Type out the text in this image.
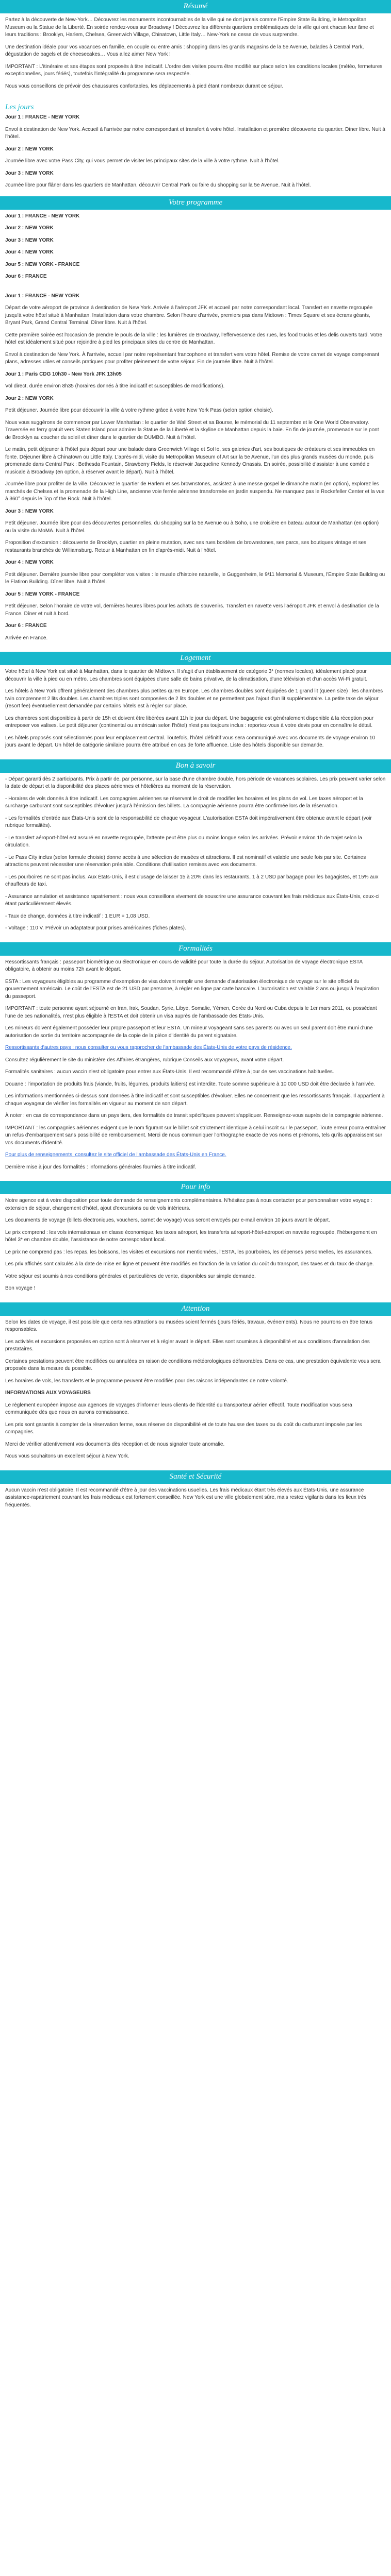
Résumé

Partez à la découverte de New-York… Découvrez les monuments incontournables de la ville qui ne dort jamais comme l'Empire State Building, le Metropolitan Museum ou la Statue de la Liberté. En soirée rendez-vous sur Broadway ! Découvrez les différents quartiers emblématiques de la ville qui ont chacun leur âme et leurs traditions : Brooklyn, Harlem, Chelsea, Greenwich Village, Chinatown, Little Italy… New-York ne cesse de vous surprendre.

Une destination idéale pour vos vacances en famille, en couple ou entre amis : shopping dans les grands magasins de la 5e Avenue, balades à Central Park, dégustation de bagels et de cheesecakes… Vous allez aimer New York !

IMPORTANT : L'itinéraire et ses étapes sont proposés à titre indicatif. L'ordre des visites pourra être modifié sur place selon les conditions locales (météo, fermetures exceptionnelles, jours fériés), toutefois l'intégralité du programme sera respectée.

Nous vous conseillons de prévoir des chaussures confortables, les déplacements à pied étant nombreux durant ce séjour.

Les jours

Jour 1 : FRANCE - NEW YORK

Envol à destination de New York. Accueil à l'arrivée par notre correspondant et transfert à votre hôtel. Installation et première découverte du quartier. Dîner libre. Nuit à l'hôtel.

Jour 2 : NEW YORK

Journée libre avec votre Pass City, qui vous permet de visiter les principaux sites de la ville à votre rythme. Nuit à l'hôtel.

Jour 3 : NEW YORK

Journée libre pour flâner dans les quartiers de Manhattan, découvrir Central Park ou faire du shopping sur la 5e Avenue. Nuit à l'hôtel.

Votre programme

Jour 1 : FRANCE - NEW YORK

Jour 2 : NEW YORK

Jour 3 : NEW YORK

Jour 4 : NEW YORK

Jour 5 : NEW YORK - FRANCE

Jour 6 : FRANCE

Jour 1 : FRANCE - NEW YORK

Départ de votre aéroport de province à destination de New York. Arrivée à l'aéroport JFK et accueil par notre correspondant local. Transfert en navette regroupée jusqu'à votre hôtel situé à Manhattan. Installation dans votre chambre. Selon l'heure d'arrivée, premiers pas dans Midtown : Times Square et ses écrans géants, Bryant Park, Grand Central Terminal. Dîner libre. Nuit à l'hôtel.

Cette première soirée est l'occasion de prendre le pouls de la ville : les lumières de Broadway, l'effervescence des rues, les food trucks et les delis ouverts tard. Votre hôtel est idéalement situé pour rejoindre à pied les principaux sites du centre de Manhattan.

Envol à destination de New York. À l'arrivée, accueil par notre représentant francophone et transfert vers votre hôtel. Remise de votre carnet de voyage comprenant plans, adresses utiles et conseils pratiques pour profiter pleinement de votre séjour. Fin de journée libre. Nuit à l'hôtel.

Jour 1 : Paris CDG 10h30 - New York JFK 13h05

Vol direct, durée environ 8h35 (horaires donnés à titre indicatif et susceptibles de modifications).

Jour 2 : NEW YORK

Petit déjeuner. Journée libre pour découvrir la ville à votre rythme grâce à votre New York Pass (selon option choisie).

Nous vous suggérons de commencer par Lower Manhattan : le quartier de Wall Street et sa Bourse, le mémorial du 11 septembre et le One World Observatory. Traversée en ferry gratuit vers Staten Island pour admirer la Statue de la Liberté et la skyline de Manhattan depuis la baie. En fin de journée, promenade sur le pont de Brooklyn au coucher du soleil et dîner dans le quartier de DUMBO. Nuit à l'hôtel.

Le matin, petit déjeuner à l'hôtel puis départ pour une balade dans Greenwich Village et SoHo, ses galeries d'art, ses boutiques de créateurs et ses immeubles en fonte. Déjeuner libre à Chinatown ou Little Italy. L'après-midi, visite du Metropolitan Museum of Art sur la 5e Avenue, l'un des plus grands musées du monde, puis promenade dans Central Park : Bethesda Fountain, Strawberry Fields, le réservoir Jacqueline Kennedy Onassis. En soirée, possibilité d'assister à une comédie musicale à Broadway (en option, à réserver avant le départ). Nuit à l'hôtel.

Journée libre pour profiter de la ville. Découvrez le quartier de Harlem et ses brownstones, assistez à une messe gospel le dimanche matin (en option), explorez les marchés de Chelsea et la promenade de la High Line, ancienne voie ferrée aérienne transformée en jardin suspendu. Ne manquez pas le Rockefeller Center et la vue à 360° depuis le Top of the Rock. Nuit à l'hôtel.

Jour 3 : NEW YORK

Petit déjeuner. Journée libre pour des découvertes personnelles, du shopping sur la 5e Avenue ou à Soho, une croisière en bateau autour de Manhattan (en option) ou la visite du MoMA. Nuit à l'hôtel.

Proposition d'excursion : découverte de Brooklyn, quartier en pleine mutation, avec ses rues bordées de brownstones, ses parcs, ses boutiques vintage et ses restaurants branchés de Williamsburg. Retour à Manhattan en fin d'après-midi. Nuit à l'hôtel.

Jour 4 : NEW YORK

Petit déjeuner. Dernière journée libre pour compléter vos visites : le musée d'histoire naturelle, le Guggenheim, le 9/11 Memorial & Museum, l'Empire State Building ou le Flatiron Building. Dîner libre. Nuit à l'hôtel.

Jour 5 : NEW YORK - FRANCE

Petit déjeuner. Selon l'horaire de votre vol, dernières heures libres pour les achats de souvenirs. Transfert en navette vers l'aéroport JFK et envol à destination de la France. Dîner et nuit à bord.

Jour 6 : FRANCE

Arrivée en France.

Logement

Votre hôtel à New York est situé à Manhattan, dans le quartier de Midtown. Il s'agit d'un établissement de catégorie 3* (normes locales), idéalement placé pour découvrir la ville à pied ou en métro. Les chambres sont équipées d'une salle de bains privative, de la climatisation, d'une télévision et d'un accès Wi-Fi gratuit.

Les hôtels à New York offrent généralement des chambres plus petites qu'en Europe. Les chambres doubles sont équipées de 1 grand lit (queen size) ; les chambres twin comprennent 2 lits doubles. Les chambres triples sont composées de 2 lits doubles et ne permettent pas l'ajout d'un lit supplémentaire. La petite taxe de séjour (resort fee) éventuellement demandée par certains hôtels est à régler sur place.

Les chambres sont disponibles à partir de 15h et doivent être libérées avant 11h le jour du départ. Une bagagerie est généralement disponible à la réception pour entreposer vos valises. Le petit déjeuner (continental ou américain selon l'hôtel) n'est pas toujours inclus : reportez-vous à votre devis pour en connaître le détail.

Les hôtels proposés sont sélectionnés pour leur emplacement central. Toutefois, l'hôtel définitif vous sera communiqué avec vos documents de voyage environ 10 jours avant le départ. Un hôtel de catégorie similaire pourra être attribué en cas de forte affluence. Liste des hôtels disponible sur demande.

Bon à savoir

- Départ garanti dès 2 participants. Prix à partir de, par personne, sur la base d'une chambre double, hors période de vacances scolaires. Les prix peuvent varier selon la date de départ et la disponibilité des places aériennes et hôtelières au moment de la réservation.

- Horaires de vols donnés à titre indicatif. Les compagnies aériennes se réservent le droit de modifier les horaires et les plans de vol. Les taxes aéroport et la surcharge carburant sont susceptibles d'évoluer jusqu'à l'émission des billets. La compagnie aérienne pourra être confirmée lors de la réservation.

- Les formalités d'entrée aux États-Unis sont de la responsabilité de chaque voyageur. L'autorisation ESTA doit impérativement être obtenue avant le départ (voir rubrique formalités).

- Le transfert aéroport-hôtel est assuré en navette regroupée, l'attente peut être plus ou moins longue selon les arrivées. Prévoir environ 1h de trajet selon la circulation.

- Le Pass City inclus (selon formule choisie) donne accès à une sélection de musées et attractions. Il est nominatif et valable une seule fois par site. Certaines attractions peuvent nécessiter une réservation préalable. Conditions d'utilisation remises avec vos documents.

- Les pourboires ne sont pas inclus. Aux États-Unis, il est d'usage de laisser 15 à 20% dans les restaurants, 1 à 2 USD par bagage pour les bagagistes, et 15% aux chauffeurs de taxi.

- Assurance annulation et assistance rapatriement : nous vous conseillons vivement de souscrire une assurance couvrant les frais médicaux aux États-Unis, ceux-ci étant particulièrement élevés.

- Taux de change, données à titre indicatif : 1 EUR = 1,08 USD.

- Voltage : 110 V. Prévoir un adaptateur pour prises américaines (fiches plates).

Formalités

Ressortissants français : passeport biométrique ou électronique en cours de validité pour toute la durée du séjour. Autorisation de voyage électronique ESTA obligatoire, à obtenir au moins 72h avant le départ.

ESTA : Les voyageurs éligibles au programme d'exemption de visa doivent remplir une demande d'autorisation électronique de voyage sur le site officiel du gouvernement américain. Le coût de l'ESTA est de 21 USD par personne, à régler en ligne par carte bancaire. L'autorisation est valable 2 ans ou jusqu'à l'expiration du passeport.

IMPORTANT : toute personne ayant séjourné en Iran, Irak, Soudan, Syrie, Libye, Somalie, Yémen, Corée du Nord ou Cuba depuis le 1er mars 2011, ou possédant l'une de ces nationalités, n'est plus éligible à l'ESTA et doit obtenir un visa auprès de l'ambassade des États-Unis.

Les mineurs doivent également posséder leur propre passeport et leur ESTA. Un mineur voyageant sans ses parents ou avec un seul parent doit être muni d'une autorisation de sortie du territoire accompagnée de la copie de la pièce d'identité du parent signataire.

Ressortissants d'autres pays : nous consulter ou vous rapprocher de l'ambassade des États-Unis de votre pays de résidence.

Consultez régulièrement le site du ministère des Affaires étrangères, rubrique Conseils aux voyageurs, avant votre départ.

Formalités sanitaires : aucun vaccin n'est obligatoire pour entrer aux États-Unis. Il est recommandé d'être à jour de ses vaccinations habituelles.

Douane : l'importation de produits frais (viande, fruits, légumes, produits laitiers) est interdite. Toute somme supérieure à 10 000 USD doit être déclarée à l'arrivée.

Les informations mentionnées ci-dessus sont données à titre indicatif et sont susceptibles d'évoluer. Elles ne concernent que les ressortissants français. Il appartient à chaque voyageur de vérifier les formalités en vigueur au moment de son départ.

À noter : en cas de correspondance dans un pays tiers, des formalités de transit spécifiques peuvent s'appliquer. Renseignez-vous auprès de la compagnie aérienne.

IMPORTANT : les compagnies aériennes exigent que le nom figurant sur le billet soit strictement identique à celui inscrit sur le passeport. Toute erreur pourra entraîner un refus d'embarquement sans possibilité de remboursement. Merci de nous communiquer l'orthographe exacte de vos noms et prénoms, tels qu'ils apparaissent sur vos documents d'identité.

Pour plus de renseignements, consultez le site officiel de l'ambassade des États-Unis en France.

Dernière mise à jour des formalités : informations générales fournies à titre indicatif.

Pour info

Notre agence est à votre disposition pour toute demande de renseignements complémentaires. N'hésitez pas à nous contacter pour personnaliser votre voyage : extension de séjour, changement d'hôtel, ajout d'excursions ou de vols intérieurs.

Les documents de voyage (billets électroniques, vouchers, carnet de voyage) vous seront envoyés par e-mail environ 10 jours avant le départ.

Le prix comprend : les vols internationaux en classe économique, les taxes aéroport, les transferts aéroport-hôtel-aéroport en navette regroupée, l'hébergement en hôtel 3* en chambre double, l'assistance de notre correspondant local.

Le prix ne comprend pas : les repas, les boissons, les visites et excursions non mentionnées, l'ESTA, les pourboires, les dépenses personnelles, les assurances.

Les prix affichés sont calculés à la date de mise en ligne et peuvent être modifiés en fonction de la variation du coût du transport, des taxes et du taux de change.

Votre séjour est soumis à nos conditions générales et particulières de vente, disponibles sur simple demande.

Bon voyage !

Attention

Selon les dates de voyage, il est possible que certaines attractions ou musées soient fermés (jours fériés, travaux, événements). Nous ne pourrons en être tenus responsables.

Les activités et excursions proposées en option sont à réserver et à régler avant le départ. Elles sont soumises à disponibilité et aux conditions d'annulation des prestataires.

Certaines prestations peuvent être modifiées ou annulées en raison de conditions météorologiques défavorables. Dans ce cas, une prestation équivalente vous sera proposée dans la mesure du possible.

Les horaires de vols, les transferts et le programme peuvent être modifiés pour des raisons indépendantes de notre volonté.

INFORMATIONS AUX VOYAGEURS

Le règlement européen impose aux agences de voyages d'informer leurs clients de l'identité du transporteur aérien effectif. Toute modification vous sera communiquée dès que nous en aurons connaissance.

Les prix sont garantis à compter de la réservation ferme, sous réserve de disponibilité et de toute hausse des taxes ou du coût du carburant imposée par les compagnies.

Merci de vérifier attentivement vos documents dès réception et de nous signaler toute anomalie.

Nous vous souhaitons un excellent séjour à New York.

Santé et Sécurité

Aucun vaccin n'est obligatoire. Il est recommandé d'être à jour des vaccinations usuelles. Les frais médicaux étant très élevés aux États-Unis, une assurance assistance-rapatriement couvrant les frais médicaux est fortement conseillée. New York est une ville globalement sûre, mais restez vigilants dans les lieux très fréquentés.
